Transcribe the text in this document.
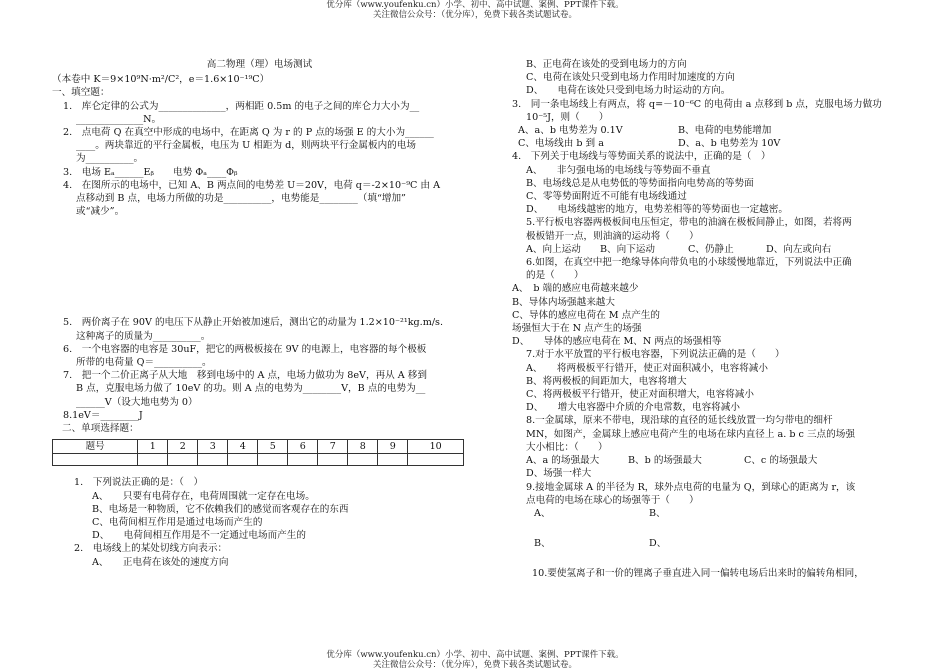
优分库（www.youfenku.cn）小学、初中、高中试题、案例、PPT课件下载。
关注微信公众号：（优分库），免费下载各类试题试卷。
高二物理（理）电场测试
（本卷中 K＝9×10⁹N·m²/C²，e＝1.6×10⁻¹⁹C）
一、填空题：
1.　库仑定律的公式为______________，两相距 0.5m 的电子之间的库仑力大小为__
______________N。
2.　点电荷 Q 在真空中形成的电场中，在距离 Q 为 r 的 P 点的场强 E 的大小为______
____。两块靠近的平行金属板，电压为 U 相距为 d，则两块平行金属板内的电场
为__________。
3.　电场 Eₐ______Eᵦ　　电势 Φₐ____Φᵦ
4.　在图所示的电场中，已知 A、B 两点间的电势差 U＝20V，电荷 q＝-2×10⁻⁹C 由 A
点移动到 B 点，电场力所做的功是__________，电势能是________（填“增加”
或“减少”。
5.　两价离子在 90V 的电压下从静止开始被加速后，测出它的动量为 1.2×10⁻²¹kg.m/s.
这种离子的质量为__________。
6.　一个电容器的电容是 30uF，把它的两极板接在 9V 的电源上，电容器的每个极板
所带的电荷量 Q＝__________。
7.　把一个二价正离子从大地　移到电场中的 A 点，电场力做功为 8eV，再从 A 移到
B 点，克服电场力做了 10eV 的功。则 A 点的电势为________V，B 点的电势为__
______V（设大地电势为 0）
8.1eV＝________J
二、单项选择题：
题号	1	2	3	4	5	6	7	8	9	10

1.　下列说法正确的是：（　）
A、　　只要有电荷存在，电荷周围就一定存在电场。
B、电场是一种物质，它不依赖我们的感觉而客观存在的东西
C、电荷间相互作用是通过电场而产生的
D、　　电荷间相互作用是不一定通过电场而产生的
2.　电场线上的某处切线方向表示：
A、　　正电荷在该处的速度方向
B、正电荷在该处的受到电场力的方向
C、电荷在该处只受到电场力作用时加速度的方向
D、　　电荷在该处只受到电场力时运动的方向。
3.　同一条电场线上有两点，将 q=－10⁻⁶C 的电荷由 a 点移到 b 点，克服电场力做功
10⁻⁵J，则（　　）
A、a、b 电势差为 0.1V	B、电荷的电势能增加
C、电场线由 b 到 a	D、a、b 电势差为 10V
4.　下列关于电场线与等势面关系的说法中，正确的是（　）
A、　　非匀强电场的电场线与等势面不垂直
B、电场线总是从电势低的等势面指向电势高的等势面
C、零等势面附近不可能有电场线通过
D、　　电场线越密的地方，电势差相等的等势面也一定越密。
5.平行板电容器两极板间电压恒定，带电的油滴在极板间静止，如图，若将两
极板错开一点，则油滴的运动将（　　）
A、向上运动 B、向下运动	C、仍静止	D、向左或向右
6.如图，在真空中把一绝缘导体向带负电的小球缓慢地靠近，下列说法中正确
的是（　　）
A、　b 端的感应电荷越来越少
B、导体内场强越来越大
C、导体的感应电荷在 M 点产生的
场强恒大于在 N 点产生的场强
D、　　导体的感应电荷在 M、N 两点的场强相等
7.对于水平放置的平行板电容器，下列说法正确的是（　　）
A、　　将两极板平行错开，使正对面积减小，电容将减小
B、将两极板的间距加大，电容将增大
C、将两极板平行错开，使正对面积增大，电容将减小
D、　　增大电容器中介质的介电常数，电容将减小
8.一金属球，原来不带电，现沿球的直径的延长线放置一均匀带电的细杆
MN，如图产，金属球上感应电荷产生的电场在球内直径上 a. b c 三点的场强
大小相比：（　　）
A、a 的场强最大	B、b 的场强最大	C、c 的场强最大
D、场强一样大
9.接地金属球 A 的半径为 R，球外点电荷的电量为 Q，到球心的距离为 r，该
点电荷的电场在球心的场强等于（　　）
A、	B、
B、	D、
10.要使氢离子和一价的锂离子垂直进入同一偏转电场后出来时的偏转角相同，
优分库（www.youfenku.cn）小学、初中、高中试题、案例、PPT课件下载。
关注微信公众号：（优分库），免费下载各类试题试卷。
